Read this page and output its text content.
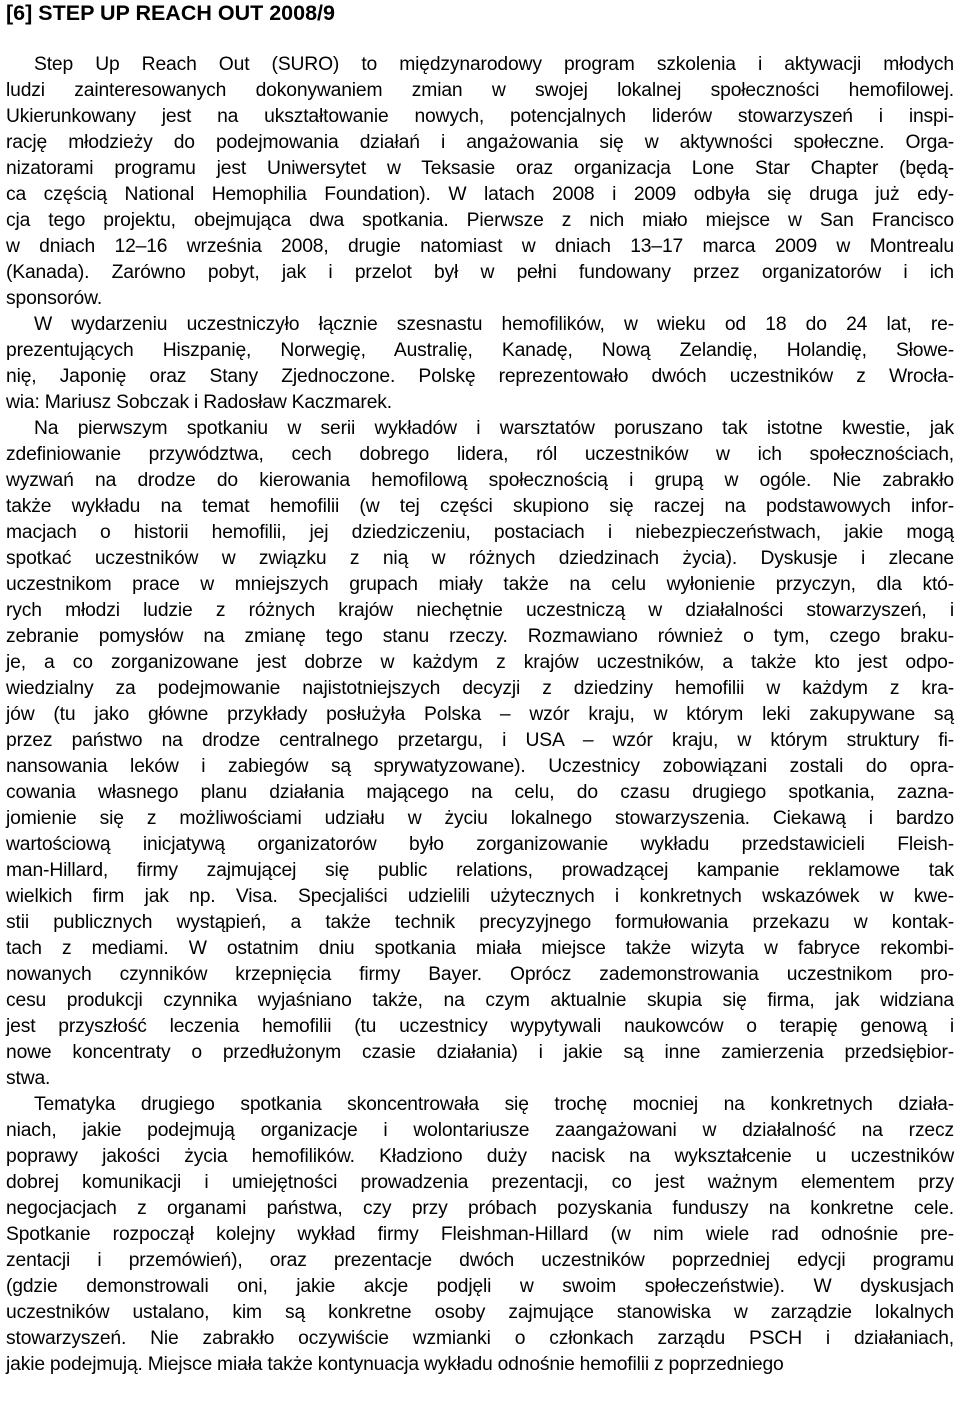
[6] STEP UP REACH OUT 2008/9

Step Up Reach Out (SURO) to międzynarodowy program szkolenia i aktywacji młodych
ludzi zainteresowanych dokonywaniem zmian w swojej lokalnej społeczności hemofilowej.
Ukierunkowany jest na ukształtowanie nowych, potencjalnych liderów stowarzyszeń i inspi-
rację młodzieży do podejmowania działań i angażowania się w aktywności społeczne. Orga-
nizatorami programu jest Uniwersytet w Teksasie oraz organizacja Lone Star Chapter (będą-
ca częścią National Hemophilia Foundation). W latach 2008 i 2009 odbyła się druga już edy-
cja tego projektu, obejmująca dwa spotkania. Pierwsze z nich miało miejsce w San Francisco
w dniach 12–16 września 2008, drugie natomiast w dniach 13–17 marca 2009 w Montrealu
(Kanada). Zarówno pobyt, jak i przelot był w pełni fundowany przez organizatorów i ich
sponsorów.

W wydarzeniu uczestniczyło łącznie szesnastu hemofilików, w wieku od 18 do 24 lat, re-
prezentujących Hiszpanię, Norwegię, Australię, Kanadę, Nową Zelandię, Holandię, Słowe-
nię, Japonię oraz Stany Zjednoczone. Polskę reprezentowało dwóch uczestników z Wrocła-
wia: Mariusz Sobczak i Radosław Kaczmarek.

Na pierwszym spotkaniu w serii wykładów i warsztatów poruszano tak istotne kwestie, jak
zdefiniowanie przywództwa, cech dobrego lidera, ról uczestników w ich społecznościach,
wyzwań na drodze do kierowania hemofilową społecznością i grupą w ogóle. Nie zabrakło
także wykładu na temat hemofilii (w tej części skupiono się raczej na podstawowych infor-
macjach o historii hemofilii, jej dziedziczeniu, postaciach i niebezpieczeństwach, jakie mogą
spotkać uczestników w związku z nią w różnych dziedzinach życia). Dyskusje i zlecane
uczestnikom prace w mniejszych grupach miały także na celu wyłonienie przyczyn, dla któ-
rych młodzi ludzie z różnych krajów niechętnie uczestniczą w działalności stowarzyszeń, i
zebranie pomysłów na zmianę tego stanu rzeczy. Rozmawiano również o tym, czego braku-
je, a co zorganizowane jest dobrze w każdym z krajów uczestników, a także kto jest odpo-
wiedzialny za podejmowanie najistotniejszych decyzji z dziedziny hemofilii w każdym z kra-
jów (tu jako główne przykłady posłużyła Polska – wzór kraju, w którym leki zakupywane są
przez państwo na drodze centralnego przetargu, i USA – wzór kraju, w którym struktury fi-
nansowania leków i zabiegów są sprywatyzowane). Uczestnicy zobowiązani zostali do opra-
cowania własnego planu działania mającego na celu, do czasu drugiego spotkania, zazna-
jomienie się z możliwościami udziału w życiu lokalnego stowarzyszenia. Ciekawą i bardzo
wartościową inicjatywą organizatorów było zorganizowanie wykładu przedstawicieli Fleish-
man-Hillard, firmy zajmującej się public relations, prowadzącej kampanie reklamowe tak
wielkich firm jak np. Visa. Specjaliści udzielili użytecznych i konkretnych wskazówek w kwe-
stii publicznych wystąpień, a także technik precyzyjnego formułowania przekazu w kontak-
tach z mediami. W ostatnim dniu spotkania miała miejsce także wizyta w fabryce rekombi-
nowanych czynników krzepnięcia firmy Bayer. Oprócz zademonstrowania uczestnikom pro-
cesu produkcji czynnika wyjaśniano także, na czym aktualnie skupia się firma, jak widziana
jest przyszłość leczenia hemofilii (tu uczestnicy wypytywali naukowców o terapię genową i
nowe koncentraty o przedłużonym czasie działania) i jakie są inne zamierzenia przedsiębior-
stwa.

Tematyka drugiego spotkania skoncentrowała się trochę mocniej na konkretnych działa-
niach, jakie podejmują organizacje i wolontariusze zaangażowani w działalność na rzecz
poprawy jakości życia hemofilików. Kładziono duży nacisk na wykształcenie u uczestników
dobrej komunikacji i umiejętności prowadzenia prezentacji, co jest ważnym elementem przy
negocjacjach z organami państwa, czy przy próbach pozyskania funduszy na konkretne cele.
Spotkanie rozpoczął kolejny wykład firmy Fleishman-Hillard (w nim wiele rad odnośnie pre-
zentacji i przemówień), oraz prezentacje dwóch uczestników poprzedniej edycji programu
(gdzie demonstrowali oni, jakie akcje podjęli w swoim społeczeństwie). W dyskusjach
uczestników ustalano, kim są konkretne osoby zajmujące stanowiska w zarządzie lokalnych
stowarzyszeń. Nie zabrakło oczywiście wzmianki o członkach zarządu PSCH i działaniach,
jakie podejmują. Miejsce miała także kontynuacja wykładu odnośnie hemofilii z poprzedniego
